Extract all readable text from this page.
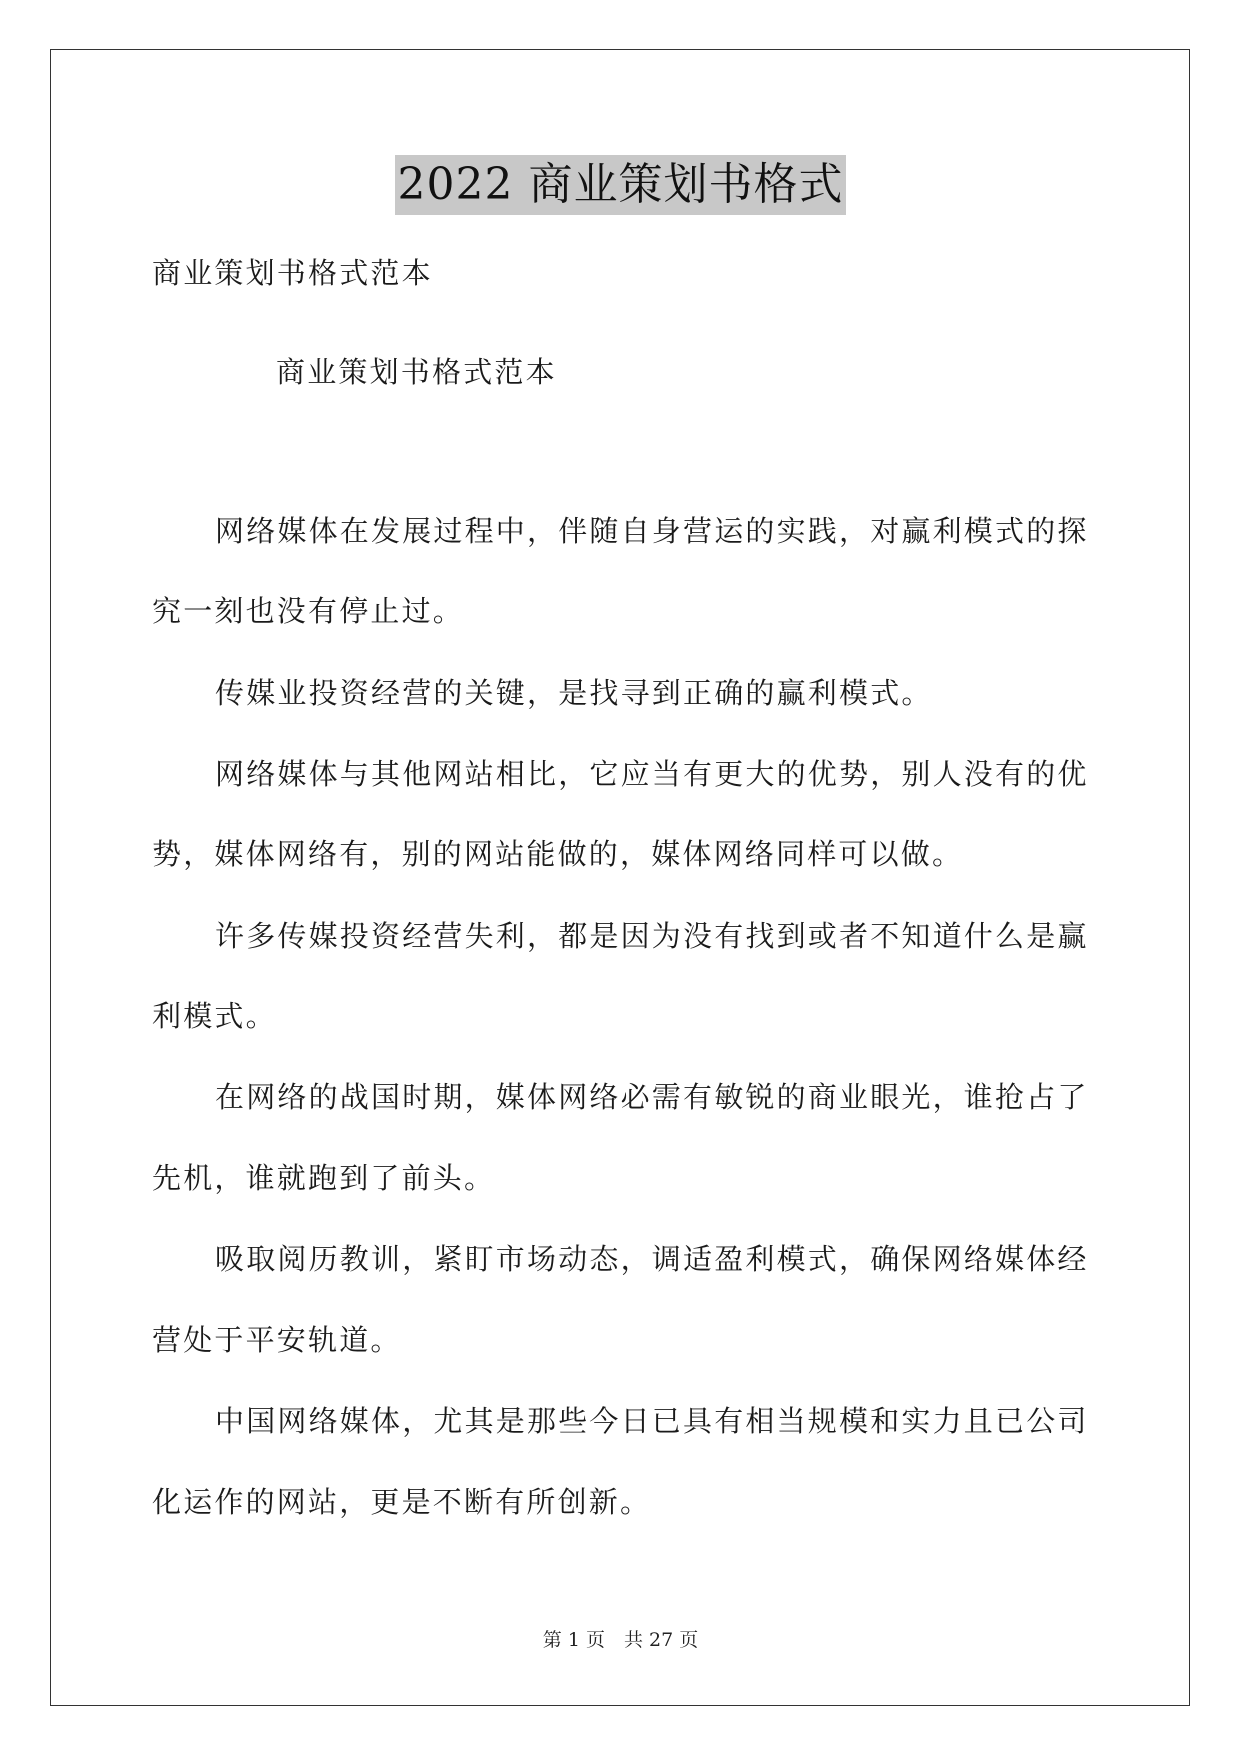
2022 商业策划书格式
商业策划书格式范本
商业策划书格式范本
网络媒体在发展过程中，伴随自身营运的实践，对赢利模式的探
究一刻也没有停止过。
传媒业投资经营的关键，是找寻到正确的赢利模式。
网络媒体与其他网站相比，它应当有更大的优势，别人没有的优
势，媒体网络有，别的网站能做的，媒体网络同样可以做。
许多传媒投资经营失利，都是因为没有找到或者不知道什么是赢
利模式。
在网络的战国时期，媒体网络必需有敏锐的商业眼光，谁抢占了
先机，谁就跑到了前头。
吸取阅历教训，紧盯市场动态，调适盈利模式，确保网络媒体经
营处于平安轨道。
中国网络媒体，尤其是那些今日已具有相当规模和实力且已公司
化运作的网站，更是不断有所创新。
第 1 页　共 27 页
